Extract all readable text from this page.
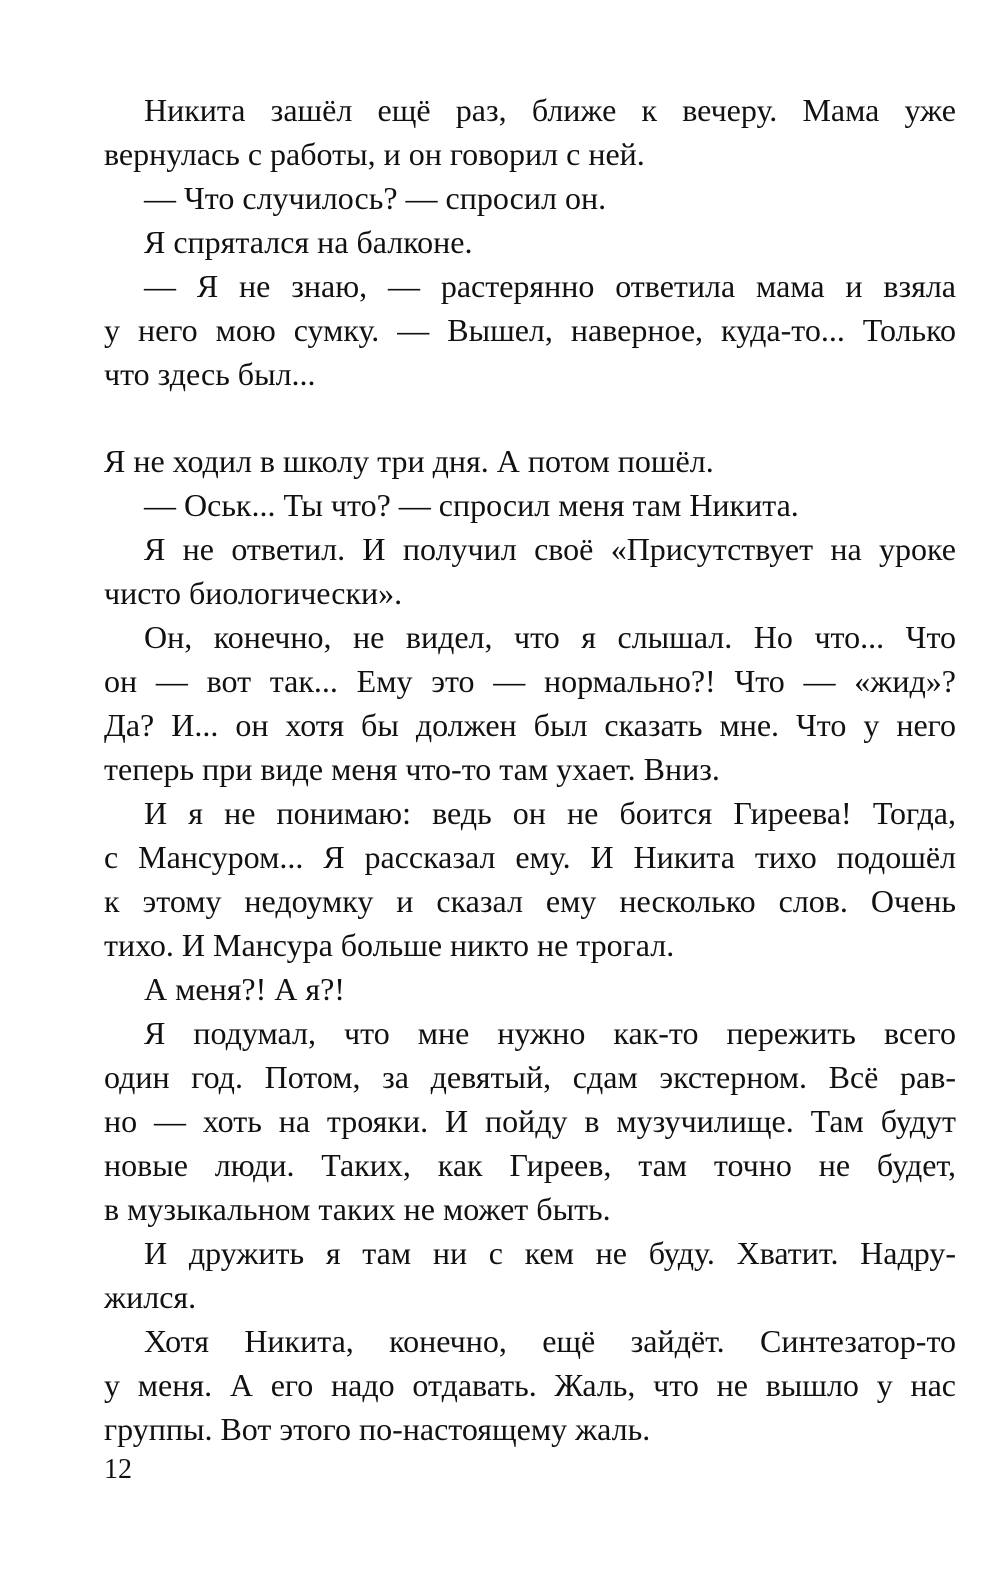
Никита зашёл ещё раз, ближе к вечеру. Мама уже
вернулась с работы, и он говорил с ней.
— Что случилось? — спросил он.
Я спрятался на балконе.
— Я не знаю, — растерянно ответила мама и взяла
у него мою сумку. — Вышел, наверное, куда-то... Только
что здесь был...
Я не ходил в школу три дня. А потом пошёл.
— Оськ... Ты что? — спросил меня там Никита.
Я не ответил. И получил своё «Присутствует на уроке
чисто биологически».
Он, конечно, не видел, что я слышал. Но что... Что
он — вот так... Ему это — нормально?! Что — «жид»?
Да? И... он хотя бы должен был сказать мне. Что у него
теперь при виде меня что-то там ухает. Вниз.
И я не понимаю: ведь он не боится Гиреева! Тогда,
с Мансуром... Я рассказал ему. И Никита тихо подошёл
к этому недоумку и сказал ему несколько слов. Очень
тихо. И Мансура больше никто не трогал.
А меня?! А я?!
Я подумал, что мне нужно как-то пережить всего
один год. Потом, за девятый, сдам экстерном. Всё рав-
но — хоть на трояки. И пойду в музучилище. Там будут
новые люди. Таких, как Гиреев, там точно не будет,
в музыкальном таких не может быть.
И дружить я там ни с кем не буду. Хватит. Надру-
жился.
Хотя Никита, конечно, ещё зайдёт. Синтезатор-то
у меня. А его надо отдавать. Жаль, что не вышло у нас
группы. Вот этого по-настоящему жаль.
12
